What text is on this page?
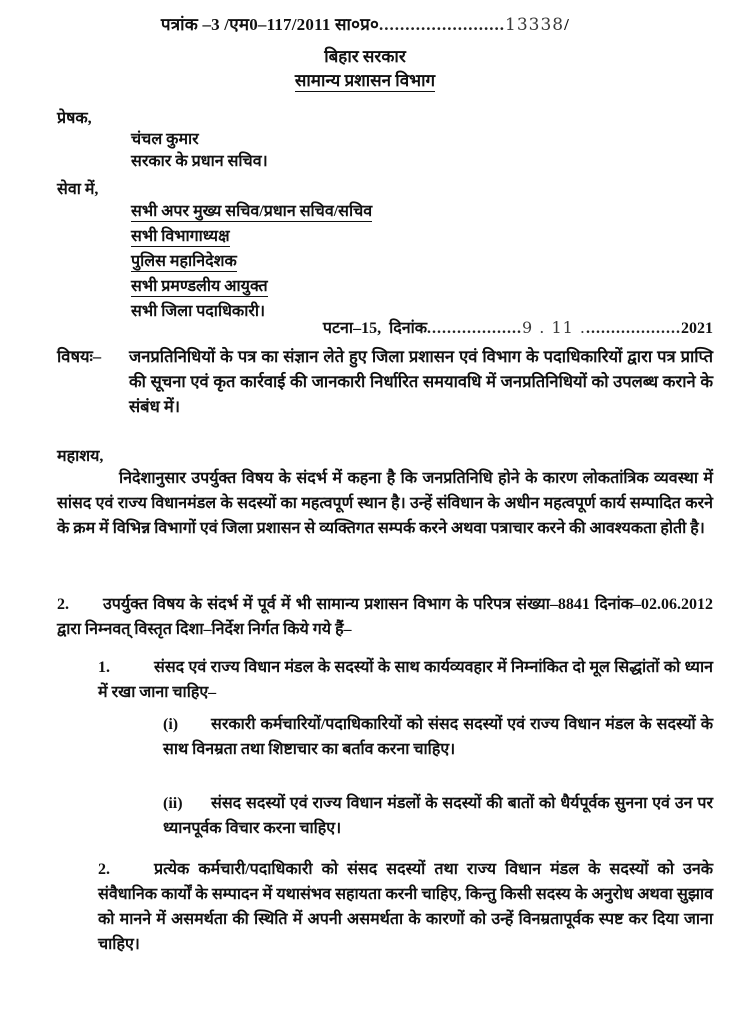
पत्रांक –3 /एम0–117/2011 सा०प्र०........................13338/
बिहार सरकार
सामान्य प्रशासन विभाग
प्रेषक,
चंचल कुमार
सरकार के प्रधान सचिव।
सेवा में,
सभी अपर मुख्य सचिव/प्रधान सचिव/सचिव
सभी विभागाध्यक्ष
पुलिस महानिदेशक
सभी प्रमण्डलीय आयुक्त
सभी जिला पदाधिकारी।
पटना–15, दिनांक...................9 . 11 ....................2021
विषयः–	जनप्रतिनिधियों के पत्र का संज्ञान लेते हुए जिला प्रशासन एवं विभाग के पदाधिकारियों द्वारा पत्र प्राप्ति की सूचना एवं कृत कार्रवाई की जानकारी निर्धारित समयावधि में जनप्रतिनिधियों को उपलब्ध कराने के संबंध में।
महाशय,
निदेशानुसार उपर्युक्त विषय के संदर्भ में कहना है कि जनप्रतिनिधि होने के कारण लोकतांत्रिक व्यवस्था में सांसद एवं राज्य विधानमंडल के सदस्यों का महत्वपूर्ण स्थान है। उन्हें संविधान के अधीन महत्वपूर्ण कार्य सम्पादित करने के क्रम में विभिन्न विभागों एवं जिला प्रशासन से व्यक्तिगत सम्पर्क करने अथवा पत्राचार करने की आवश्यकता होती है।
2.	उपर्युक्त विषय के संदर्भ में पूर्व में भी सामान्य प्रशासन विभाग के परिपत्र संख्या–8841 दिनांक–02.06.2012 द्वारा निम्नवत् विस्तृत दिशा–निर्देश निर्गत किये गये हैं–
1.	संसद एवं राज्य विधान मंडल के सदस्यों के साथ कार्यव्यवहार में निम्नांकित दो मूल सिद्धांतों को ध्यान में रखा जाना चाहिए–
(i)	सरकारी कर्मचारियों/पदाधिकारियों को संसद सदस्यों एवं राज्य विधान मंडल के सदस्यों के साथ विनम्रता तथा शिष्टाचार का बर्ताव करना चाहिए।
(ii)	संसद सदस्यों एवं राज्य विधान मंडलों के सदस्यों की बातों को धैर्यपूर्वक सुनना एवं उन पर ध्यानपूर्वक विचार करना चाहिए।
2.	प्रत्येक कर्मचारी/पदाधिकारी को संसद सदस्यों तथा राज्य विधान मंडल के सदस्यों को उनके संवैधानिक कार्यों के सम्पादन में यथासंभव सहायता करनी चाहिए, किन्तु किसी सदस्य के अनुरोध अथवा सुझाव को मानने में असमर्थता की स्थिति में अपनी असमर्थता के कारणों को उन्हें विनम्रतापूर्वक स्पष्ट कर दिया जाना चाहिए।
